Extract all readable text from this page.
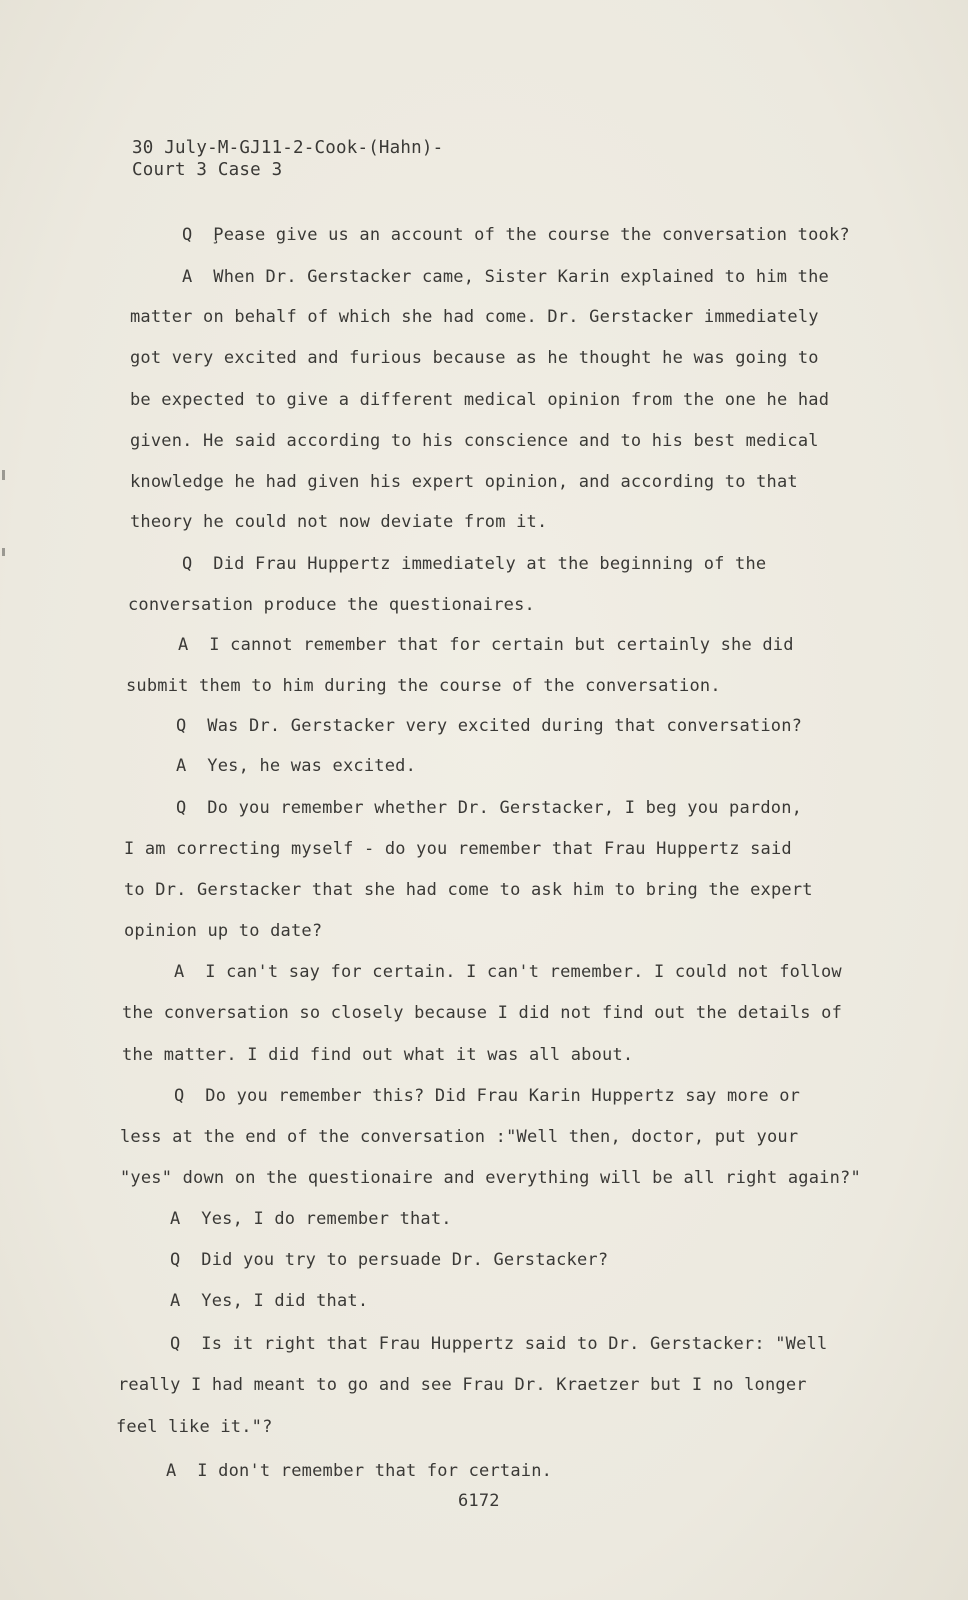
30 July-M-GJ11-2-Cook-(Hahn)-
Court 3 Case 3
Q  P̧ease give us an account of the course the conversation took?
A  When Dr. Gerstacker came, Sister Karin explained to him the
matter on behalf of which she had come. Dr. Gerstacker immediately
got very excited and furious because as he thought he was going to
be expected to give a different medical opinion from the one he had
given. He said according to his conscience and to his best medical
knowledge he had given his expert opinion, and according to that
theory he could not now deviate from it.
Q  Did Frau Huppertz immediately at the beginning of the
conversation produce the questionaires.
A  I cannot remember that for certain but certainly she did
submit them to him during the course of the conversation.
Q  Was Dr. Gerstacker very excited during that conversation?
A  Yes, he was excited.
Q  Do you remember whether Dr. Gerstacker, I beg you pardon,
I am correcting myself - do you remember that Frau Huppertz said
to Dr. Gerstacker that she had come to ask him to bring the expert
opinion up to date?
A  I can't say for certain. I can't remember. I could not follow
the conversation so closely because I did not find out the details of
the matter. I did find out what it was all about.
Q  Do you remember this? Did Frau Karin Huppertz say more or
less at the end of the conversation :"Well then, doctor, put your
"yes" down on the questionaire and everything will be all right again?"
A  Yes, I do remember that.
Q  Did you try to persuade Dr. Gerstacker?
A  Yes, I did that.
Q  Is it right that Frau Huppertz said to Dr. Gerstacker: "Well
really I had meant to go and see Frau Dr. Kraetzer but I no longer
feel like it."?
A  I don't remember that for certain.
6172
